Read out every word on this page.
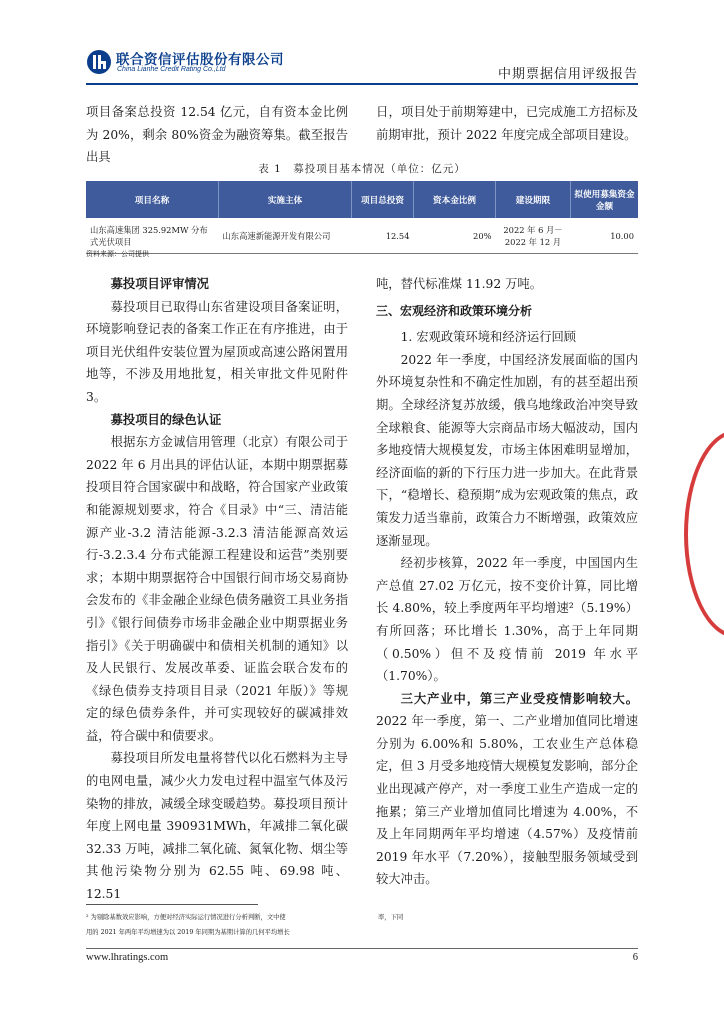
联合资信评估股份有限公司
China Lianhe Credit Rating Co.,Ltd	中期票据信用评级报告

项目备案总投资 12.54 亿元，自有资本金比例为 20%，剩余 80%资金为融资筹集。截至报告出具

日，项目处于前期筹建中，已完成施工方招标及前期审批，预计 2022 年度完成全部项目建设。

表 1　募投项目基本情况（单位：亿元）
项目名称	实施主体	项目总投资	资本金比例	建设期限	拟使用募集资金金额
山东高速集团 325.92MW 分布式光伏项目	山东高速新能源开发有限公司	12.54	20%	2022 年 6 月－2022 年 12 月	10.00
资料来源：公司提供

募投项目评审情况

募投项目已取得山东省建设项目备案证明，环境影响登记表的备案工作正在有序推进，由于项目光伏组件安装位置为屋顶或高速公路闲置用地等，不涉及用地批复，相关审批文件见附件 3。

募投项目的绿色认证

根据东方金诚信用管理（北京）有限公司于 2022 年 6 月出具的评估认证，本期中期票据募投项目符合国家碳中和战略，符合国家产业政策和能源规划要求，符合《目录》中“三、清洁能源产业-3.2 清洁能源-3.2.3 清洁能源高效运行-3.2.3.4 分布式能源工程建设和运营”类别要求；本期中期票据符合中国银行间市场交易商协会发布的《非金融企业绿色债务融资工具业务指引》《银行间债券市场非金融企业中期票据业务指引》《关于明确碳中和债相关机制的通知》以及人民银行、发展改革委、证监会联合发布的《绿色债券支持项目目录（2021 年版）》等规定的绿色债券条件，并可实现较好的碳减排效益，符合碳中和债要求。

募投项目所发电量将替代以化石燃料为主导的电网电量，减少火力发电过程中温室气体及污染物的排放，减缓全球变暖趋势。募投项目预计年度上网电量 390931MWh，年减排二氧化碳 32.33 万吨，减排二氧化硫、氮氧化物、烟尘等其他污染物分别为 62.55 吨、69.98 吨、12.51

吨，替代标准煤 11.92 万吨。

三、宏观经济和政策环境分析

1. 宏观政策环境和经济运行回顾

2022 年一季度，中国经济发展面临的国内外环境复杂性和不确定性加剧，有的甚至超出预期。全球经济复苏放缓，俄乌地缘政治冲突导致全球粮食、能源等大宗商品市场大幅波动，国内多地疫情大规模复发，市场主体困难明显增加，经济面临的新的下行压力进一步加大。在此背景下，“稳增长、稳预期”成为宏观政策的焦点，政策发力适当靠前，政策合力不断增强，政策效应逐渐显现。

经初步核算，2022 年一季度，中国国内生产总值 27.02 万亿元，按不变价计算，同比增长 4.80%，较上季度两年平均增速²（5.19%）有所回落；环比增长 1.30%，高于上年同期（0.50%）但不及疫情前 2019 年水平（1.70%）。

三大产业中，第三产业受疫情影响较大。2022 年一季度，第一、二产业增加值同比增速分别为 6.00%和 5.80%，工农业生产总体稳定，但 3 月受多地疫情大规模复发影响，部分企业出现减产停产，对一季度工业生产造成一定的拖累；第三产业增加值同比增速为 4.00%，不及上年同期两年平均增速（4.57%）及疫情前 2019 年水平（7.20%），接触型服务领域受到较大冲击。

² 为剔除基数效应影响，方便对经济实际运行情况进行分析判断，文中使
用的 2021 年两年平均增速为以 2019 年同期为基期计算的几何平均增长
率，下同
www.lhratings.com	6
